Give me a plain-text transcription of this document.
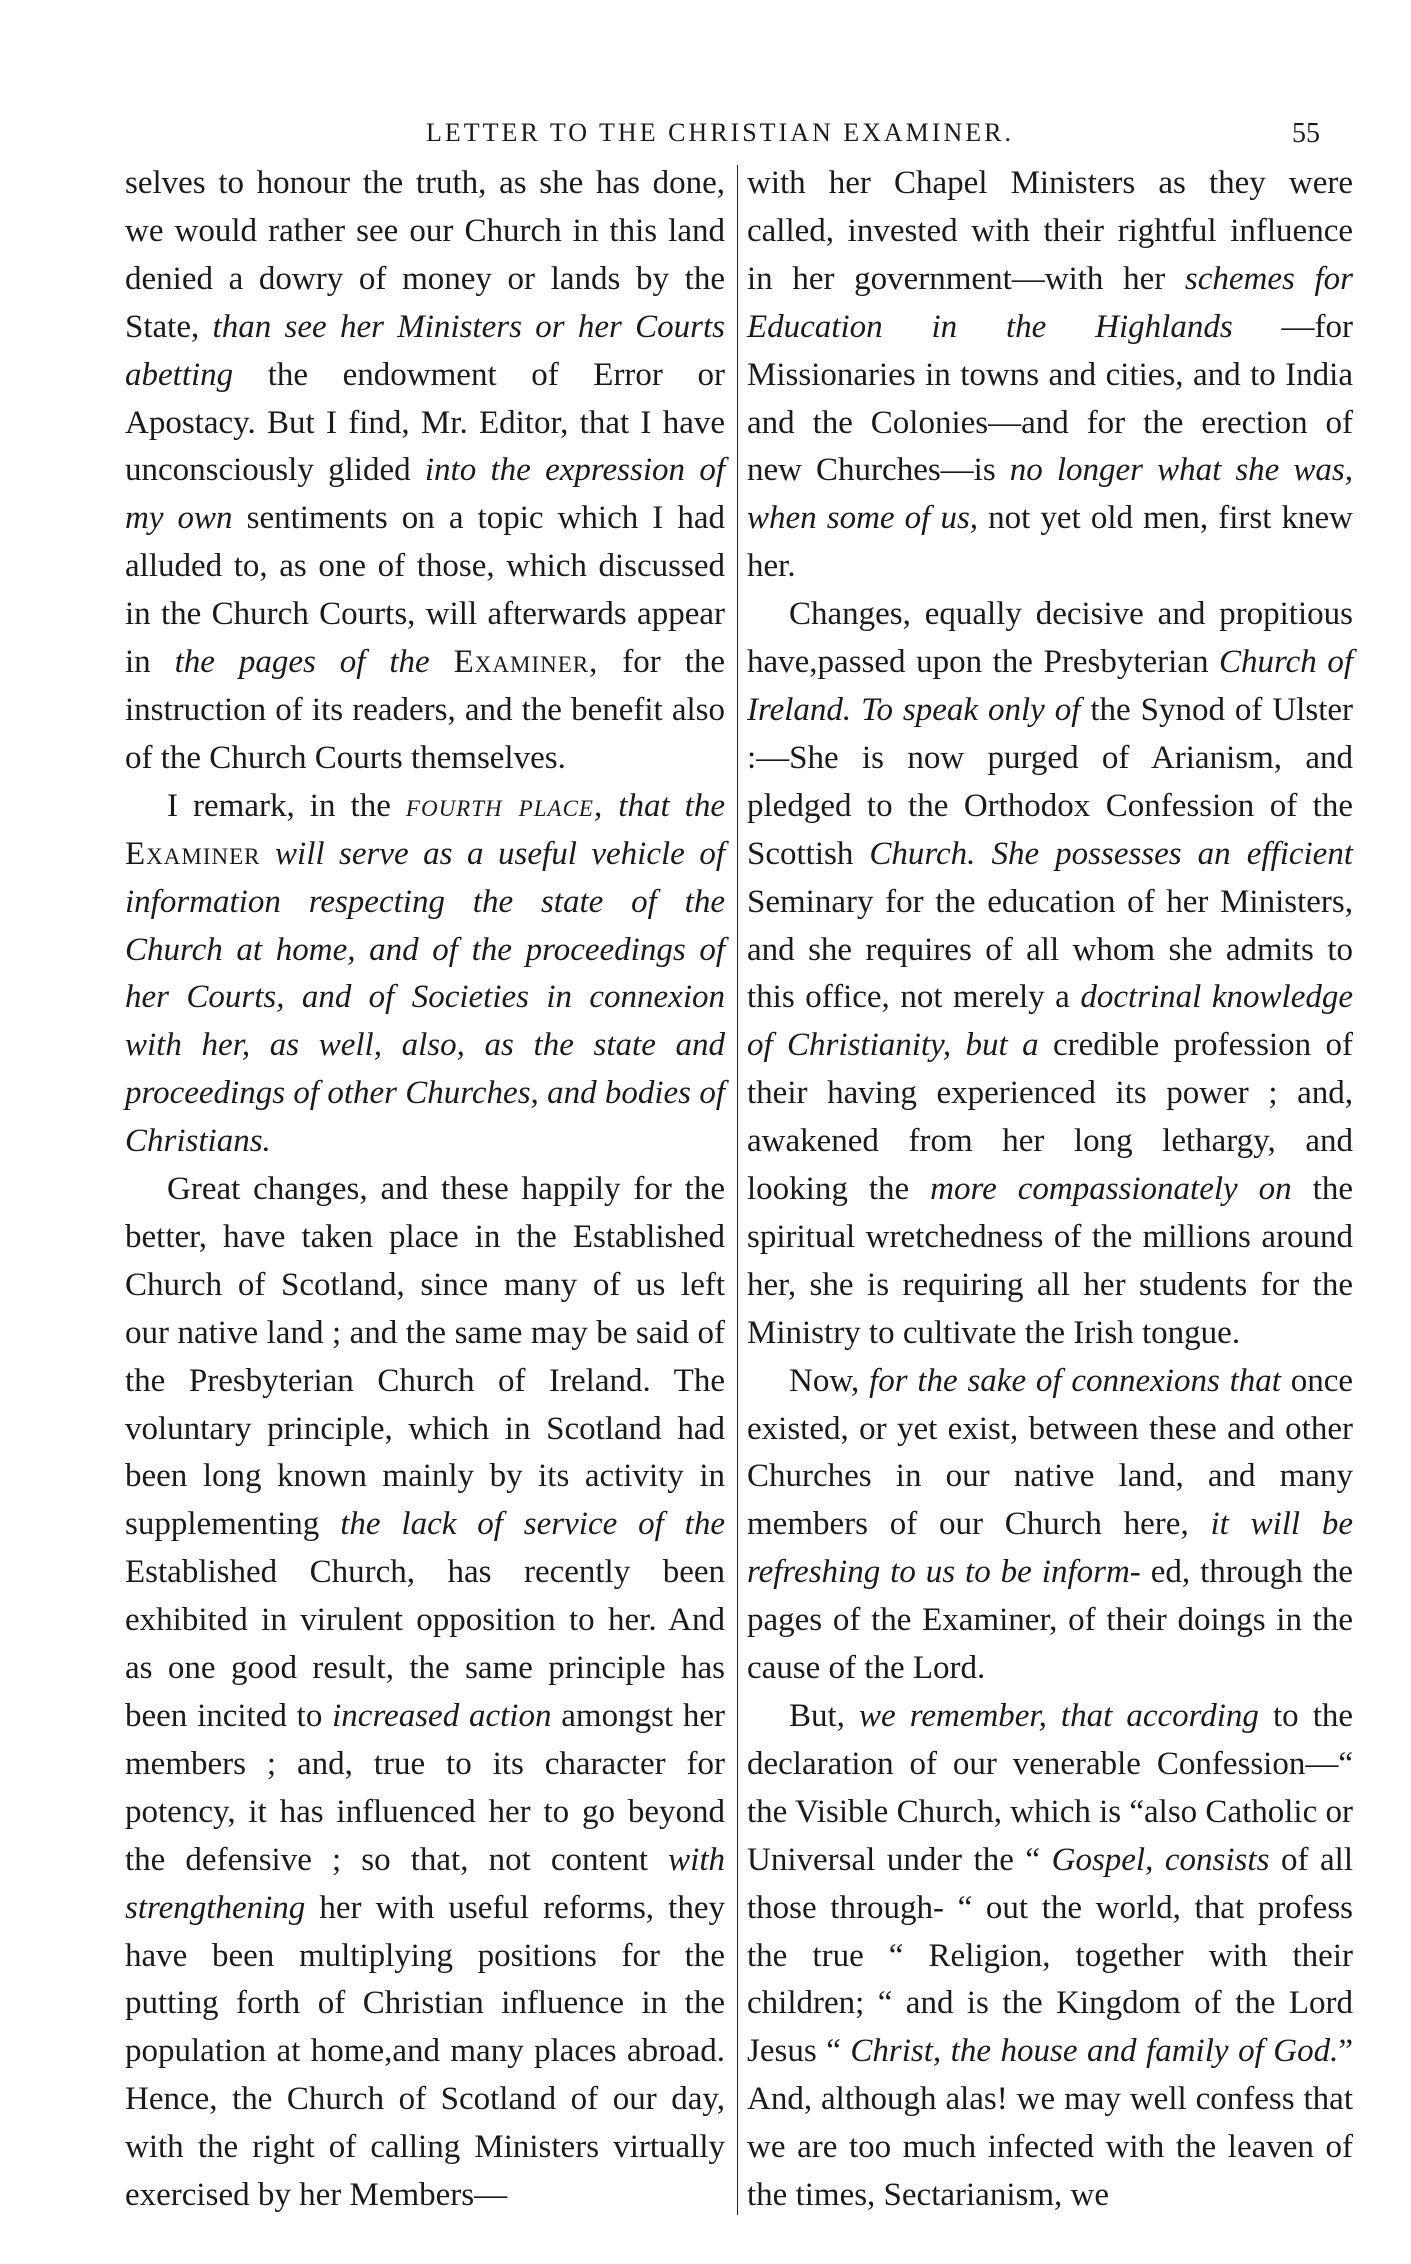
LETTER TO THE CHRISTIAN EXAMINER.	55

selves to honour the truth, as she has done, we would rather see our Church in this land denied a dowry of money or lands by the State, than see her Ministers or her Courts abetting the endowment of Error or Apostacy. But I find, Mr. Editor, that I have unconsciously glided into the expression of my own sentiments on a topic which I had alluded to, as one of those, which discussed in the Church Courts, will afterwards appear in the pages of the Examiner, for the instruction of its readers, and the benefit also of the Church Courts themselves.

I remark, in the fourth place, that the Examiner will serve as a useful vehicle of information respecting the state of the Church at home, and of the proceedings of her Courts, and of Societies in connexion with her, as well, also, as the state and proceedings of other Churches, and bodies of Christians.

Great changes, and these happily for the better, have taken place in the Established Church of Scotland, since many of us left our native land ; and the same may be said of the Presbyterian Church of Ireland. The voluntary principle, which in Scotland had been long known mainly by its activity in supplementing the lack of service of the Established Church, has recently been exhibited in virulent opposition to her. And as one good result, the same principle has been incited to increased action amongst her members ; and, true to its character for potency, it has influenced her to go beyond the defensive ; so that, not content with strengthening her with useful reforms, they have been multiplying positions for the putting forth of Christian influence in the population at home,and many places abroad. Hence, the Church of Scotland of our day, with the right of calling Ministers virtually exercised by her Members—

with her Chapel Ministers as they were called, invested with their rightful influence in her government—with her schemes for Education in the Highlands —for Missionaries in towns and cities, and to India and the Colonies—and for the erection of new Churches—is no longer what she was, when some of us, not yet old men, first knew her.

Changes, equally decisive and propitious have,passed upon the Presbyterian Church of Ireland. To speak only of the Synod of Ulster :—She is now purged of Arianism, and pledged to the Orthodox Confession of the Scottish Church. She possesses an efficient Seminary for the education of her Ministers, and she requires of all whom she admits to this office, not merely a doctrinal knowledge of Christianity, but a credible profession of their having experienced its power ; and, awakened from her long lethargy, and looking the more compassionately on the spiritual wretchedness of the millions around her, she is requiring all her students for the Ministry to cultivate the Irish tongue.

Now, for the sake of connexions that once existed, or yet exist, between these and other Churches in our native land, and many members of our Church here, it will be refreshing to us to be inform- ed, through the pages of the Examiner, of their doings in the cause of the Lord.

But, we remember, that according to the declaration of our venerable Confession—“ the Visible Church, which is “also Catholic or Universal under the “ Gospel, consists of all those through- “ out the world, that profess the true “ Religion, together with their children; “ and is the Kingdom of the Lord Jesus “ Christ, the house and family of God.” And, although alas! we may well confess that we are too much infected with the leaven of the times, Sectarianism, we
